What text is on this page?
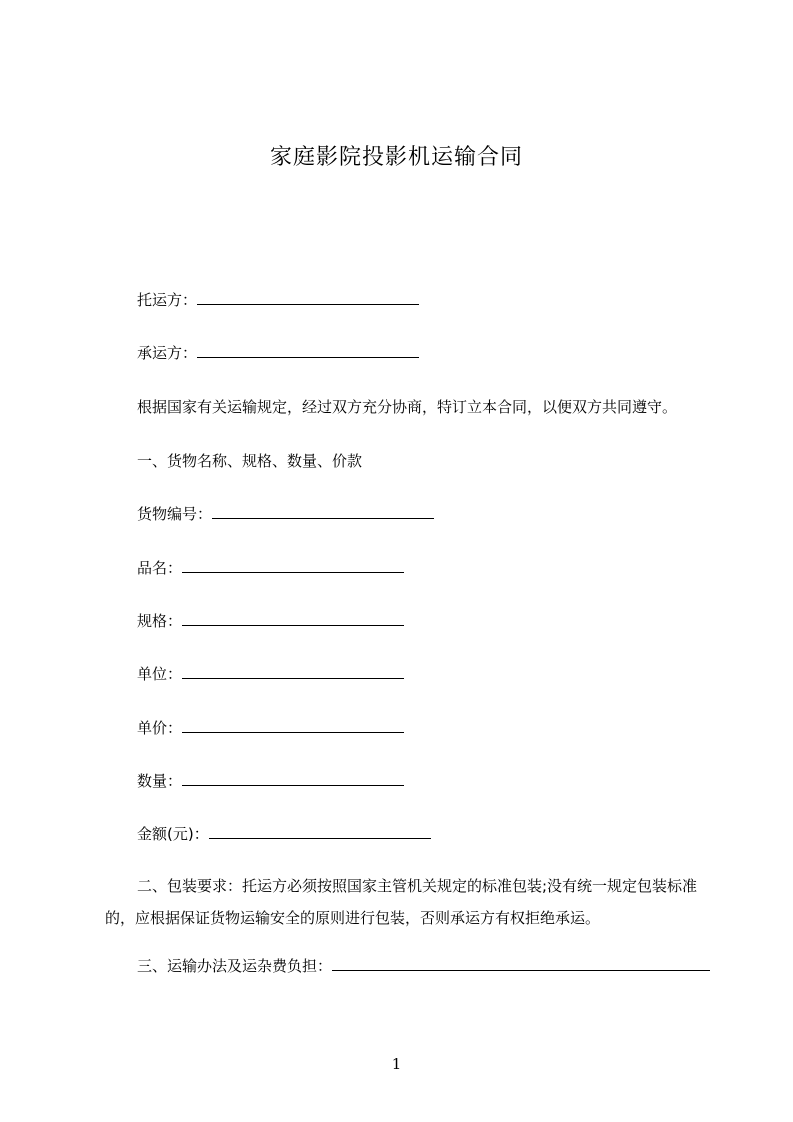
家庭影院投影机运输合同
托运方：
承运方：
根据国家有关运输规定，经过双方充分协商，特订立本合同，以便双方共同遵守。
一、货物名称、规格、数量、价款
货物编号：
品名：
规格：
单位：
单价：
数量：
金额(元)：
二、包装要求：托运方必须按照国家主管机关规定的标准包装;没有统一规定包装标准的，应根据保证货物运输安全的原则进行包装，否则承运方有权拒绝承运。
三、运输办法及运杂费负担：
1
